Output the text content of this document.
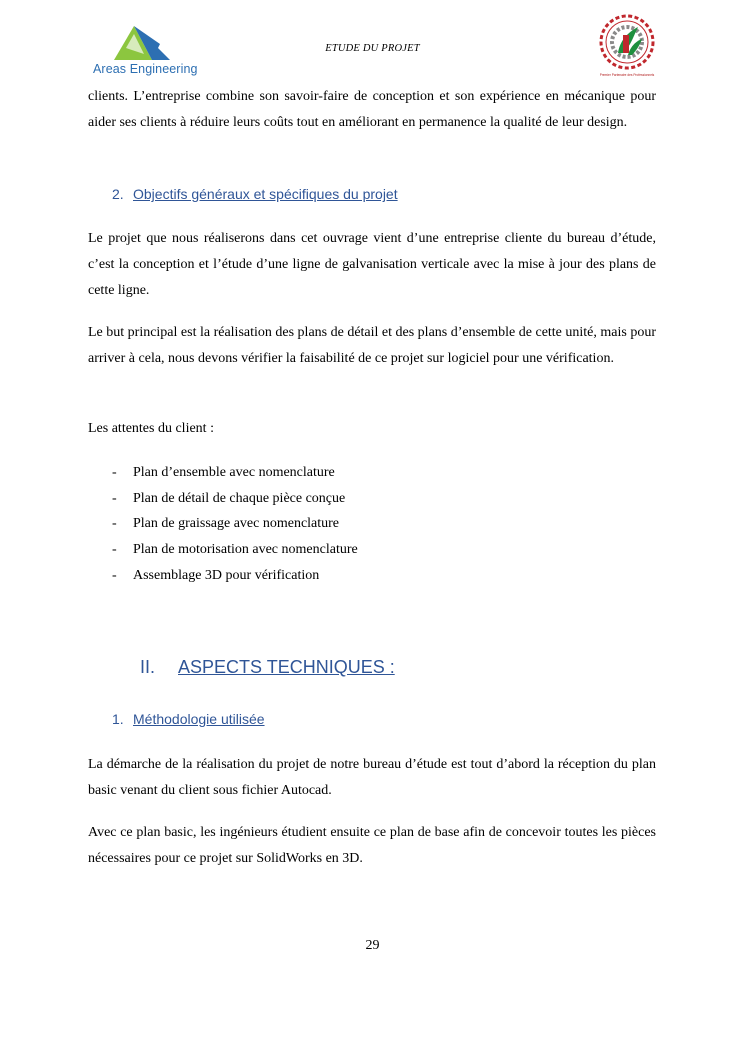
Areas Engineering
ETUDE DU PROJET
Premier Partenaire des Professionnels
clients. L’entreprise combine son savoir-faire de conception et son expérience en mécanique pour aider ses clients à réduire leurs coûts tout en améliorant en permanence la qualité de leur design.
2. Objectifs généraux et spécifiques du projet
Le projet que nous réaliserons dans cet ouvrage vient d’une entreprise cliente du bureau d’étude, c’est la conception et l’étude d’une ligne de galvanisation verticale avec la mise à jour des plans de cette ligne.
Le but principal est la réalisation des plans de détail et des plans d’ensemble de cette unité, mais pour arriver à cela, nous devons vérifier la faisabilité de ce projet sur logiciel pour une vérification.
Les attentes du client :
- Plan d’ensemble avec nomenclature
- Plan de détail de chaque pièce conçue
- Plan de graissage avec nomenclature
- Plan de motorisation avec nomenclature
- Assemblage 3D pour vérification
II. ASPECTS TECHNIQUES :
1. Méthodologie utilisée
La démarche de la réalisation du projet de notre bureau d’étude est tout d’abord la réception du plan basic venant du client sous fichier Autocad.
Avec ce plan basic, les ingénieurs étudient ensuite ce plan de base afin de concevoir toutes les pièces nécessaires pour ce projet sur SolidWorks en 3D.
29
